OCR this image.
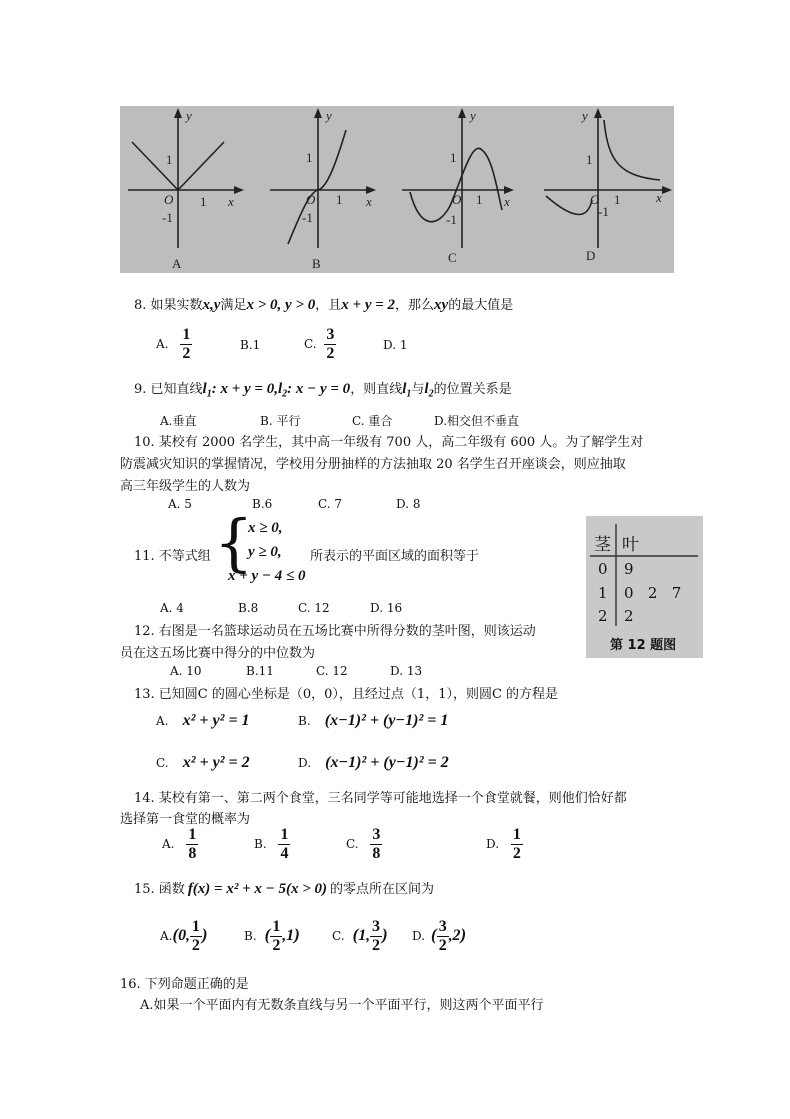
y
x
1
O
-1
1
A
y
x
1
O
-1
1
B
y
x
1
O
-1
1
C
y
x
1
O
-1
1
D
8. 如果实数x,y满足x > 0, y > 0，且x + y = 2，那么xy的最大值是
A. $\frac{1}{2}$	B.1	C. $\frac{3}{2}$	D. 1
9. 已知直线$l_1$: $x + y = 0,l_2$: x − y = 0，则直线$l_1$与$l_2$的位置关系是
A.垂直	B. 平行	C. 重合	D.相交但不垂直
10. 某校有 2000 名学生，其中高一年级有 700 人，高二年级有 600 人。为了解学生对
防震减灾知识的掌握情况，学校用分册抽样的方法抽取 20 名学生召开座谈会，则应抽取
高三年级学生的人数为
A. 5	B.6	C. 7	D. 8
11. 不等式组 {
x ≥ 0,
y ≥ 0,
x + y − 4 ≤ 0
所表示的平面区域的面积等于
A. 4	B.8	C. 12	D. 16
茎 叶
0 9
1 0   2   7
2 2
第 12 题图
12. 右图是一名篮球运动员在五场比赛中所得分数的茎叶图，则该运动
员在这五场比赛中得分的中位数为
A. 10	B.11	C. 12	D. 13
13. 已知圆C 的圆心坐标是（0，0），且经过点（1，1），则圆C 的方程是
A. x² + y² = 1	B. (x−1)² + (y−1)² = 1
C. x² + y² = 2	D. (x−1)² + (y−1)² = 2
14. 某校有第一、第二两个食堂，三名同学等可能地选择一个食堂就餐，则他们恰好都
选择第一食堂的概率为
A. $\frac{1}{8}$	B. $\frac{1}{4}$	C. $\frac{3}{8}$	D. $\frac{1}{2}$
15. 函数 f(x) = x² + x − 5(x > 0) 的零点所在区间为
A.(0, $\frac{1}{2}$ )	B. ( $\frac{1}{2} ,1$)	C. (1, $\frac{3}{2}$ ) D. ( $\frac{3}{2} ,2$)
16. 下列命题正确的是
A.如果一个平面内有无数条直线与另一个平面平行，则这两个平面平行
